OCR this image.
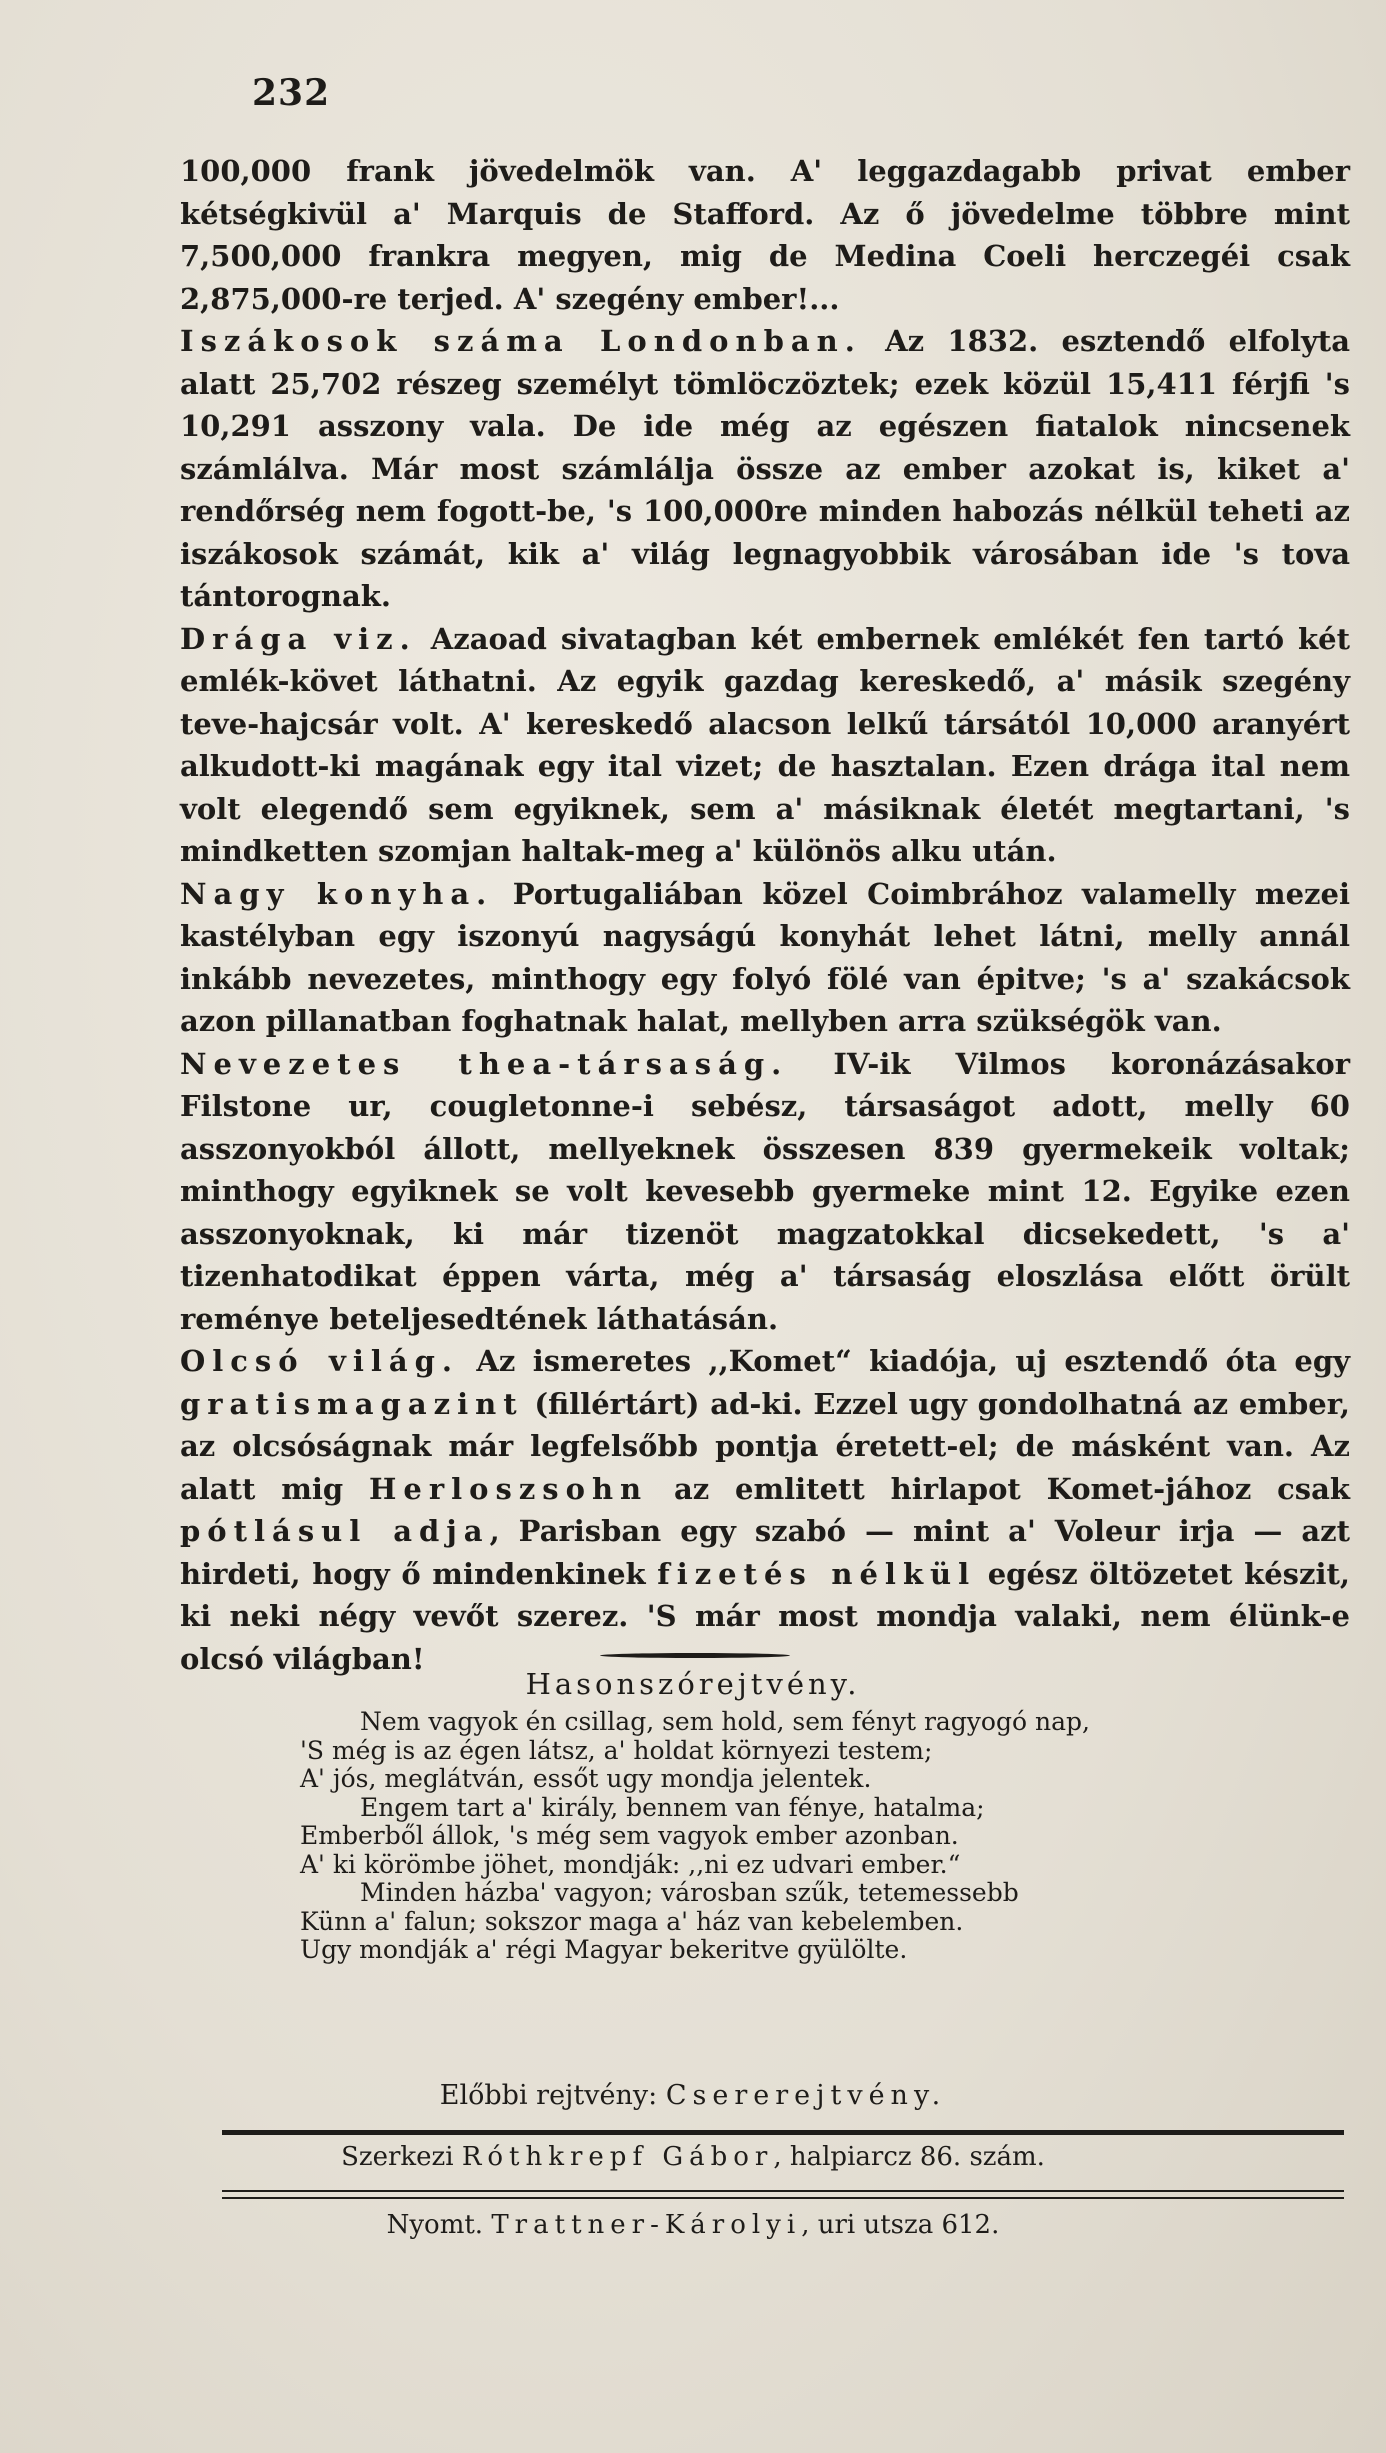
232

100,000 frank jövedelmök van. A' leggazdagabb privat ember kétségkivül a' Marquis de Stafford. Az ő jövedelme többre mint 7,500,000 frankra megyen, mig de Medina Coeli herczegéi csak 2,875,000-re terjed. A' szegény ember!...

Iszákosok száma Londonban. Az 1832. esztendő elfolyta alatt 25,702 részeg személyt tömlöczöztek; ezek közül 15,411 férjfi 's 10,291 asszony vala. De ide még az egészen fiatalok nincsenek számlálva. Már most számlálja össze az ember azokat is, kiket a' rendőrség nem fogott-be, 's 100,000re minden habozás nélkül teheti az iszákosok számát, kik a' világ legnagyobbik városában ide 's tova tántorognak.

Drága viz. Azaoad sivatagban két embernek emlékét fen tartó két emlék-követ láthatni. Az egyik gazdag kereskedő, a' másik szegény teve-hajcsár volt. A' kereskedő alacson lelkű társától 10,000 aranyért alkudott-ki magának egy ital vizet; de hasztalan. Ezen drága ital nem volt elegendő sem egyiknek, sem a' másiknak életét megtartani, 's mindketten szomjan haltak-meg a' különös alku után.

Nagy konyha. Portugaliában közel Coimbrához valamelly mezei kastélyban egy iszonyú nagyságú konyhát lehet látni, melly annál inkább nevezetes, minthogy egy folyó fölé van épitve; 's a' szakácsok azon pillanatban foghatnak halat, mellyben arra szükségök van.

Nevezetes thea-társaság. IV-ik Vilmos koronázásakor Filstone ur, cougletonne-i sebész, társaságot adott, melly 60 asszonyokból állott, mellyeknek összesen 839 gyermekeik voltak; minthogy egyiknek se volt kevesebb gyermeke mint 12. Egyike ezen asszonyoknak, ki már tizenöt magzatokkal dicsekedett, 's a' tizenhatodikat éppen várta, még a' társaság eloszlása előtt örült reménye beteljesedtének láthatásán.

Olcsó világ. Az ismeretes ,,Komet“ kiadója, uj esztendő óta egy gratismagazint (fillértárt) ad-ki. Ezzel ugy gondolhatná az ember, az olcsóságnak már legfelsőbb pontja éretett-el; de másként van. Az alatt mig Herloszsohn az emlitett hirlapot Komet-jához csak pótlásul adja, Parisban egy szabó — mint a' Voleur irja — azt hirdeti, hogy ő mindenkinek fizetés nélkül egész öltözetet készit, ki neki négy vevőt szerez. 'S már most mondja valaki, nem élünk-e olcsó világban!

Hasonszórejtvény.
Nem vagyok én csillag, sem hold, sem fényt ragyogó nap,
'S még is az égen látsz, a' holdat környezi testem;
A' jós, meglátván, essőt ugy mondja jelentek.
Engem tart a' király, bennem van fénye, hatalma;
Emberből állok, 's még sem vagyok ember azonban.
A' ki körömbe jöhet, mondják: ,,ni ez udvari ember.“
Minden házba' vagyon; városban szűk, tetemessebb
Künn a' falun; sokszor maga a' ház van kebelemben.
Ugy mondják a' régi Magyar bekeritve gyülölte.
Előbbi rejtvény: Csererejtvény.
Szerkezi Róthkrepf Gábor, halpiarcz 86. szám.
Nyomt. Trattner-Károlyi, uri utsza 612.
